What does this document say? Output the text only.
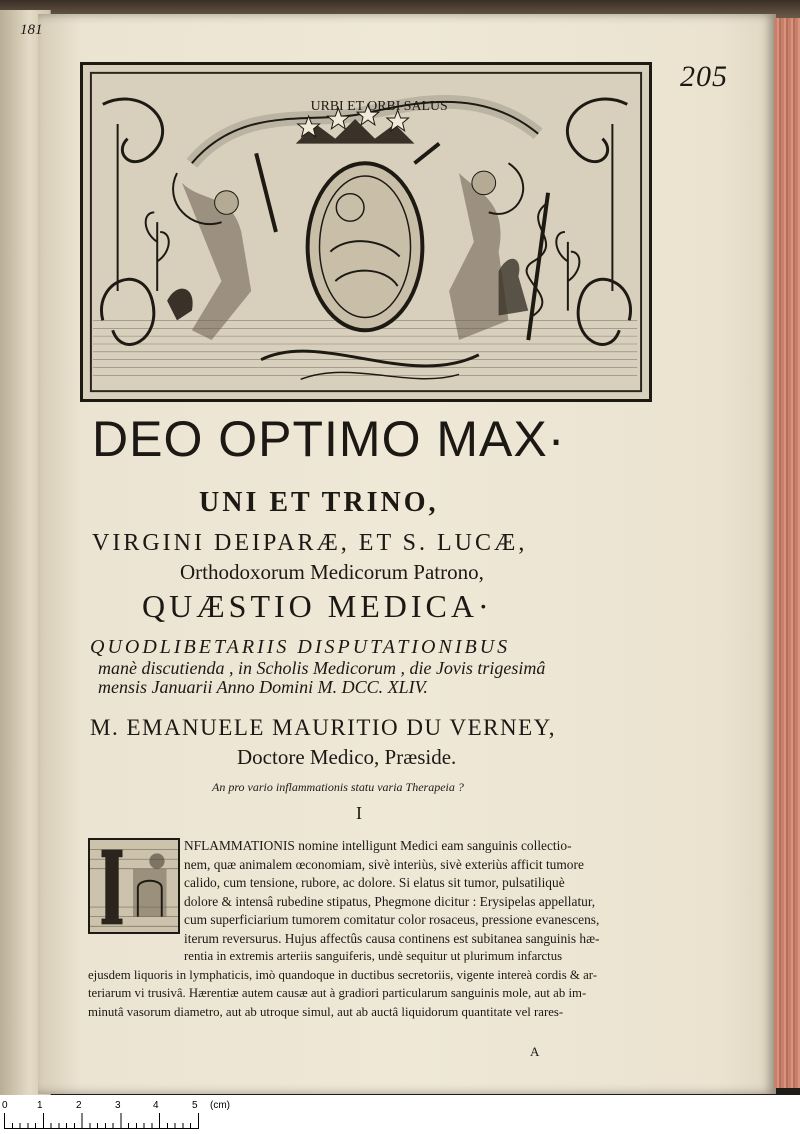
181
205
URBI ET ORBI SALUS
DEO OPTIMO MAX·
UNI ET TRINO,
VIRGINI DEIPARÆ, ET S. LUCÆ,
Orthodoxorum Medicorum Patrono,
QUÆSTIO MEDICA·
QUODLIBETARIIS DISPUTATIONIBUS
manè discutienda , in Scholis Medicorum , die Jovis trigesimâ
mensis Januarii Anno Domini M. DCC. XLIV.
M. EMANUELE MAURITIO DU VERNEY,
Doctore Medico, Præside.
An pro vario inflammationis statu varia Therapeia ?
I
NFLAMMATIONIS nomine intelligunt Medici eam sanguinis collectio-
nem, quæ animalem œconomiam, sivè interiùs, sivè exteriùs afficit tumore
calido, cum tensione, rubore, ac dolore. Si elatus sit tumor, pulsatiliquè
dolore & intensâ rubedine stipatus, Phegmone dicitur : Erysipelas appellatur,
cum superficiarium tumorem comitatur color rosaceus, pressione evanescens,
iterum reversurus. Hujus affectûs causa continens est subitanea sanguinis hæ-
rentia in extremis arteriis sanguiferis, undè sequitur ut plurimum infarctus
ejusdem liquoris in lymphaticis, imò quandoque in ductibus secretoriis, vigente intereà cordis & ar-
teriarum vi trusivâ. Hærentiæ autem causæ aut à gradiori particularum sanguinis mole, aut ab im-
minutâ vasorum diametro, aut ab utroque simul, aut ab auctâ liquidorum quantitate vel rares-
A
0	1	2	3	4	5 (cm)
